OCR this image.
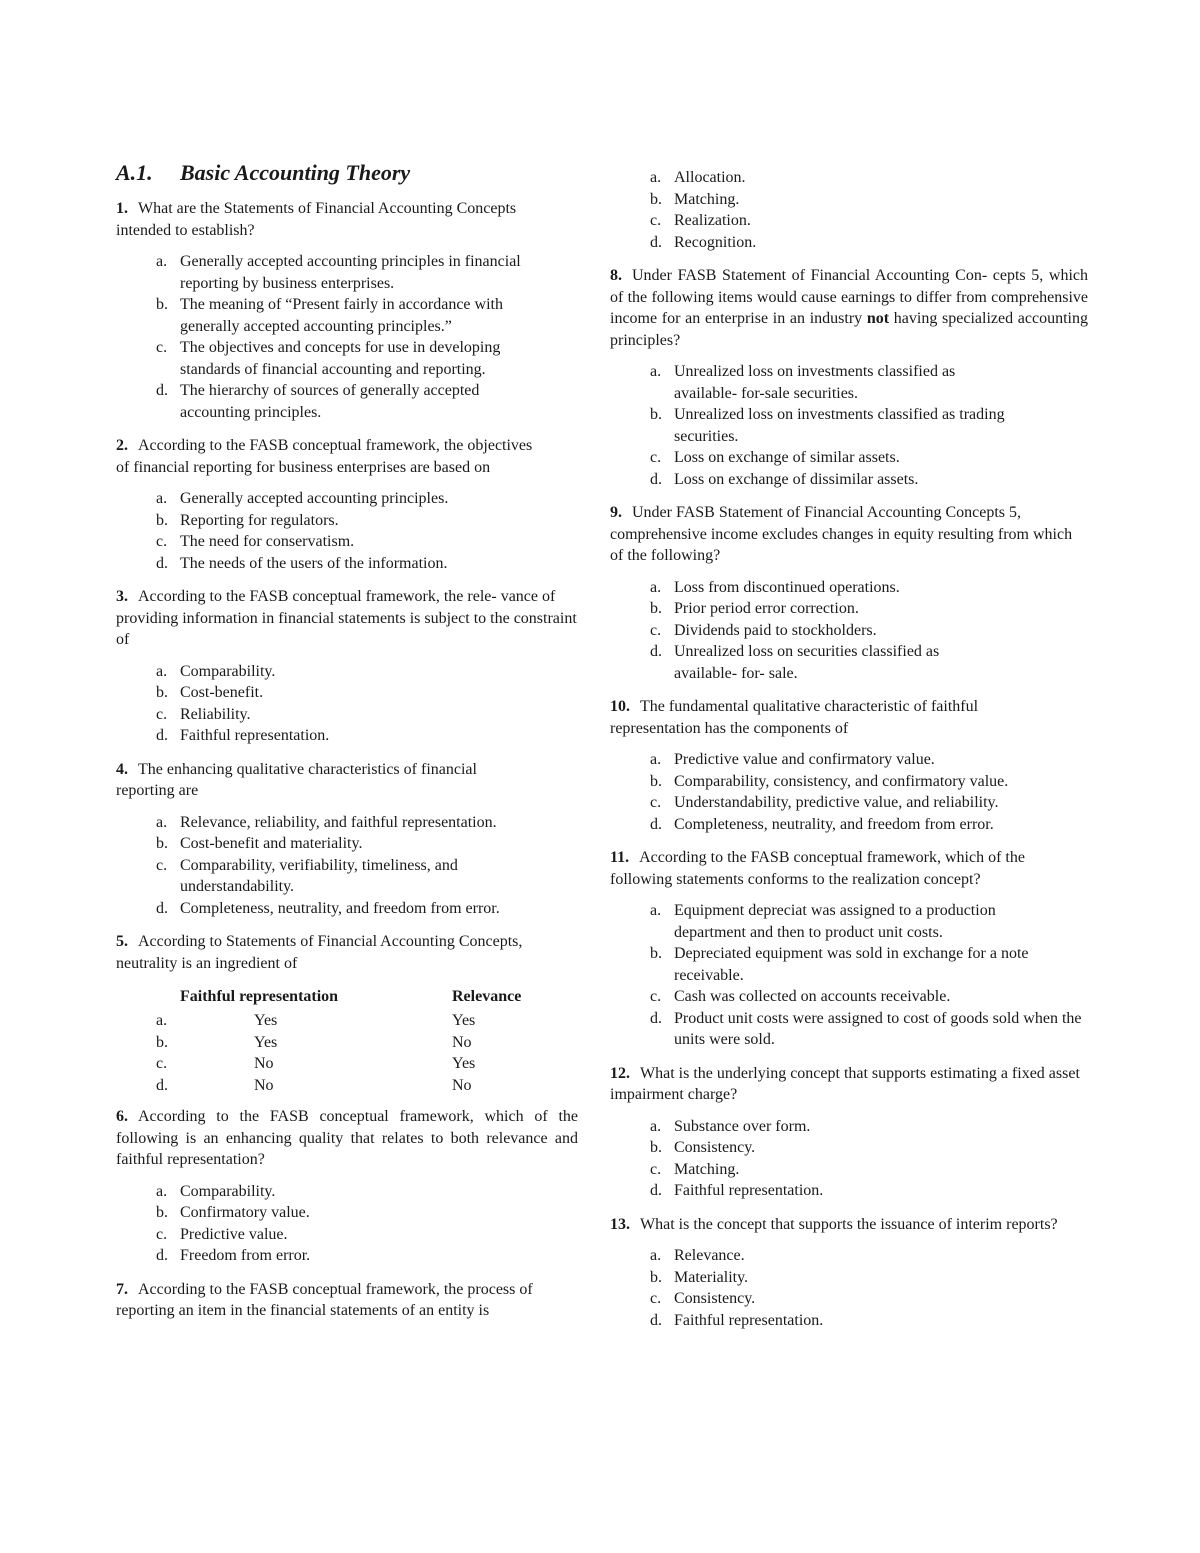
A.1. Basic Accounting Theory
1. What are the Statements of Financial Accounting Concepts intended to establish?
a. Generally accepted accounting principles in financial reporting by business enterprises.
b. The meaning of “Present fairly in accordance with generally accepted accounting principles.”
c. The objectives and concepts for use in developing standards of financial accounting and reporting.
d. The hierarchy of sources of generally accepted accounting principles.
2. According to the FASB conceptual framework, the objectives of financial reporting for business enterprises are based on
a. Generally accepted accounting principles.
b. Reporting for regulators.
c. The need for conservatism.
d. The needs of the users of the information.
3. According to the FASB conceptual framework, the rele- vance of providing information in financial statements is subject to the constraint of
a. Comparability.
b. Cost-benefit.
c. Reliability.
d. Faithful representation.
4. The enhancing qualitative characteristics of financial reporting are
a. Relevance, reliability, and faithful representation.
b. Cost-benefit and materiality.
c. Comparability, verifiability, timeliness, and understandability.
d. Completeness, neutrality, and freedom from error.
5. According to Statements of Financial Accounting Concepts, neutrality is an ingredient of
	Faithful representation	Relevance
a.	Yes	Yes
b.	Yes	No
c.	No	Yes
d.	No	No
6. According to the FASB conceptual framework, which of the following is an enhancing quality that relates to both relevance and faithful representation?
a. Comparability.
b. Confirmatory value.
c. Predictive value.
d. Freedom from error.
7. According to the FASB conceptual framework, the process of reporting an item in the financial statements of an entity is
a. Allocation.
b. Matching.
c. Realization.
d. Recognition.
8. Under FASB Statement of Financial Accounting Con- cepts 5, which of the following items would cause earnings to differ from comprehensive income for an enterprise in an industry not having specialized accounting principles?
a. Unrealized loss on investments classified as available- for-sale securities.
b. Unrealized loss on investments classified as trading securities.
c. Loss on exchange of similar assets.
d. Loss on exchange of dissimilar assets.
9. Under FASB Statement of Financial Accounting Concepts 5, comprehensive income excludes changes in equity resulting from which of the following?
a. Loss from discontinued operations.
b. Prior period error correction.
c. Dividends paid to stockholders.
d. Unrealized loss on securities classified as available- for- sale.
10. The fundamental qualitative characteristic of faithful representation has the components of
a. Predictive value and confirmatory value.
b. Comparability, consistency, and confirmatory value.
c. Understandability, predictive value, and reliability.
d. Completeness, neutrality, and freedom from error.
11. According to the FASB conceptual framework, which of the following statements conforms to the realization concept?
a. Equipment depreciat was assigned to a production department and then to product unit costs.
b. Depreciated equipment was sold in exchange for a note receivable.
c. Cash was collected on accounts receivable.
d. Product unit costs were assigned to cost of goods sold when the units were sold.
12. What is the underlying concept that supports estimating a fixed asset impairment charge?
a. Substance over form.
b. Consistency.
c. Matching.
d. Faithful representation.
13. What is the concept that supports the issuance of interim reports?
a. Relevance.
b. Materiality.
c. Consistency.
d. Faithful representation.
